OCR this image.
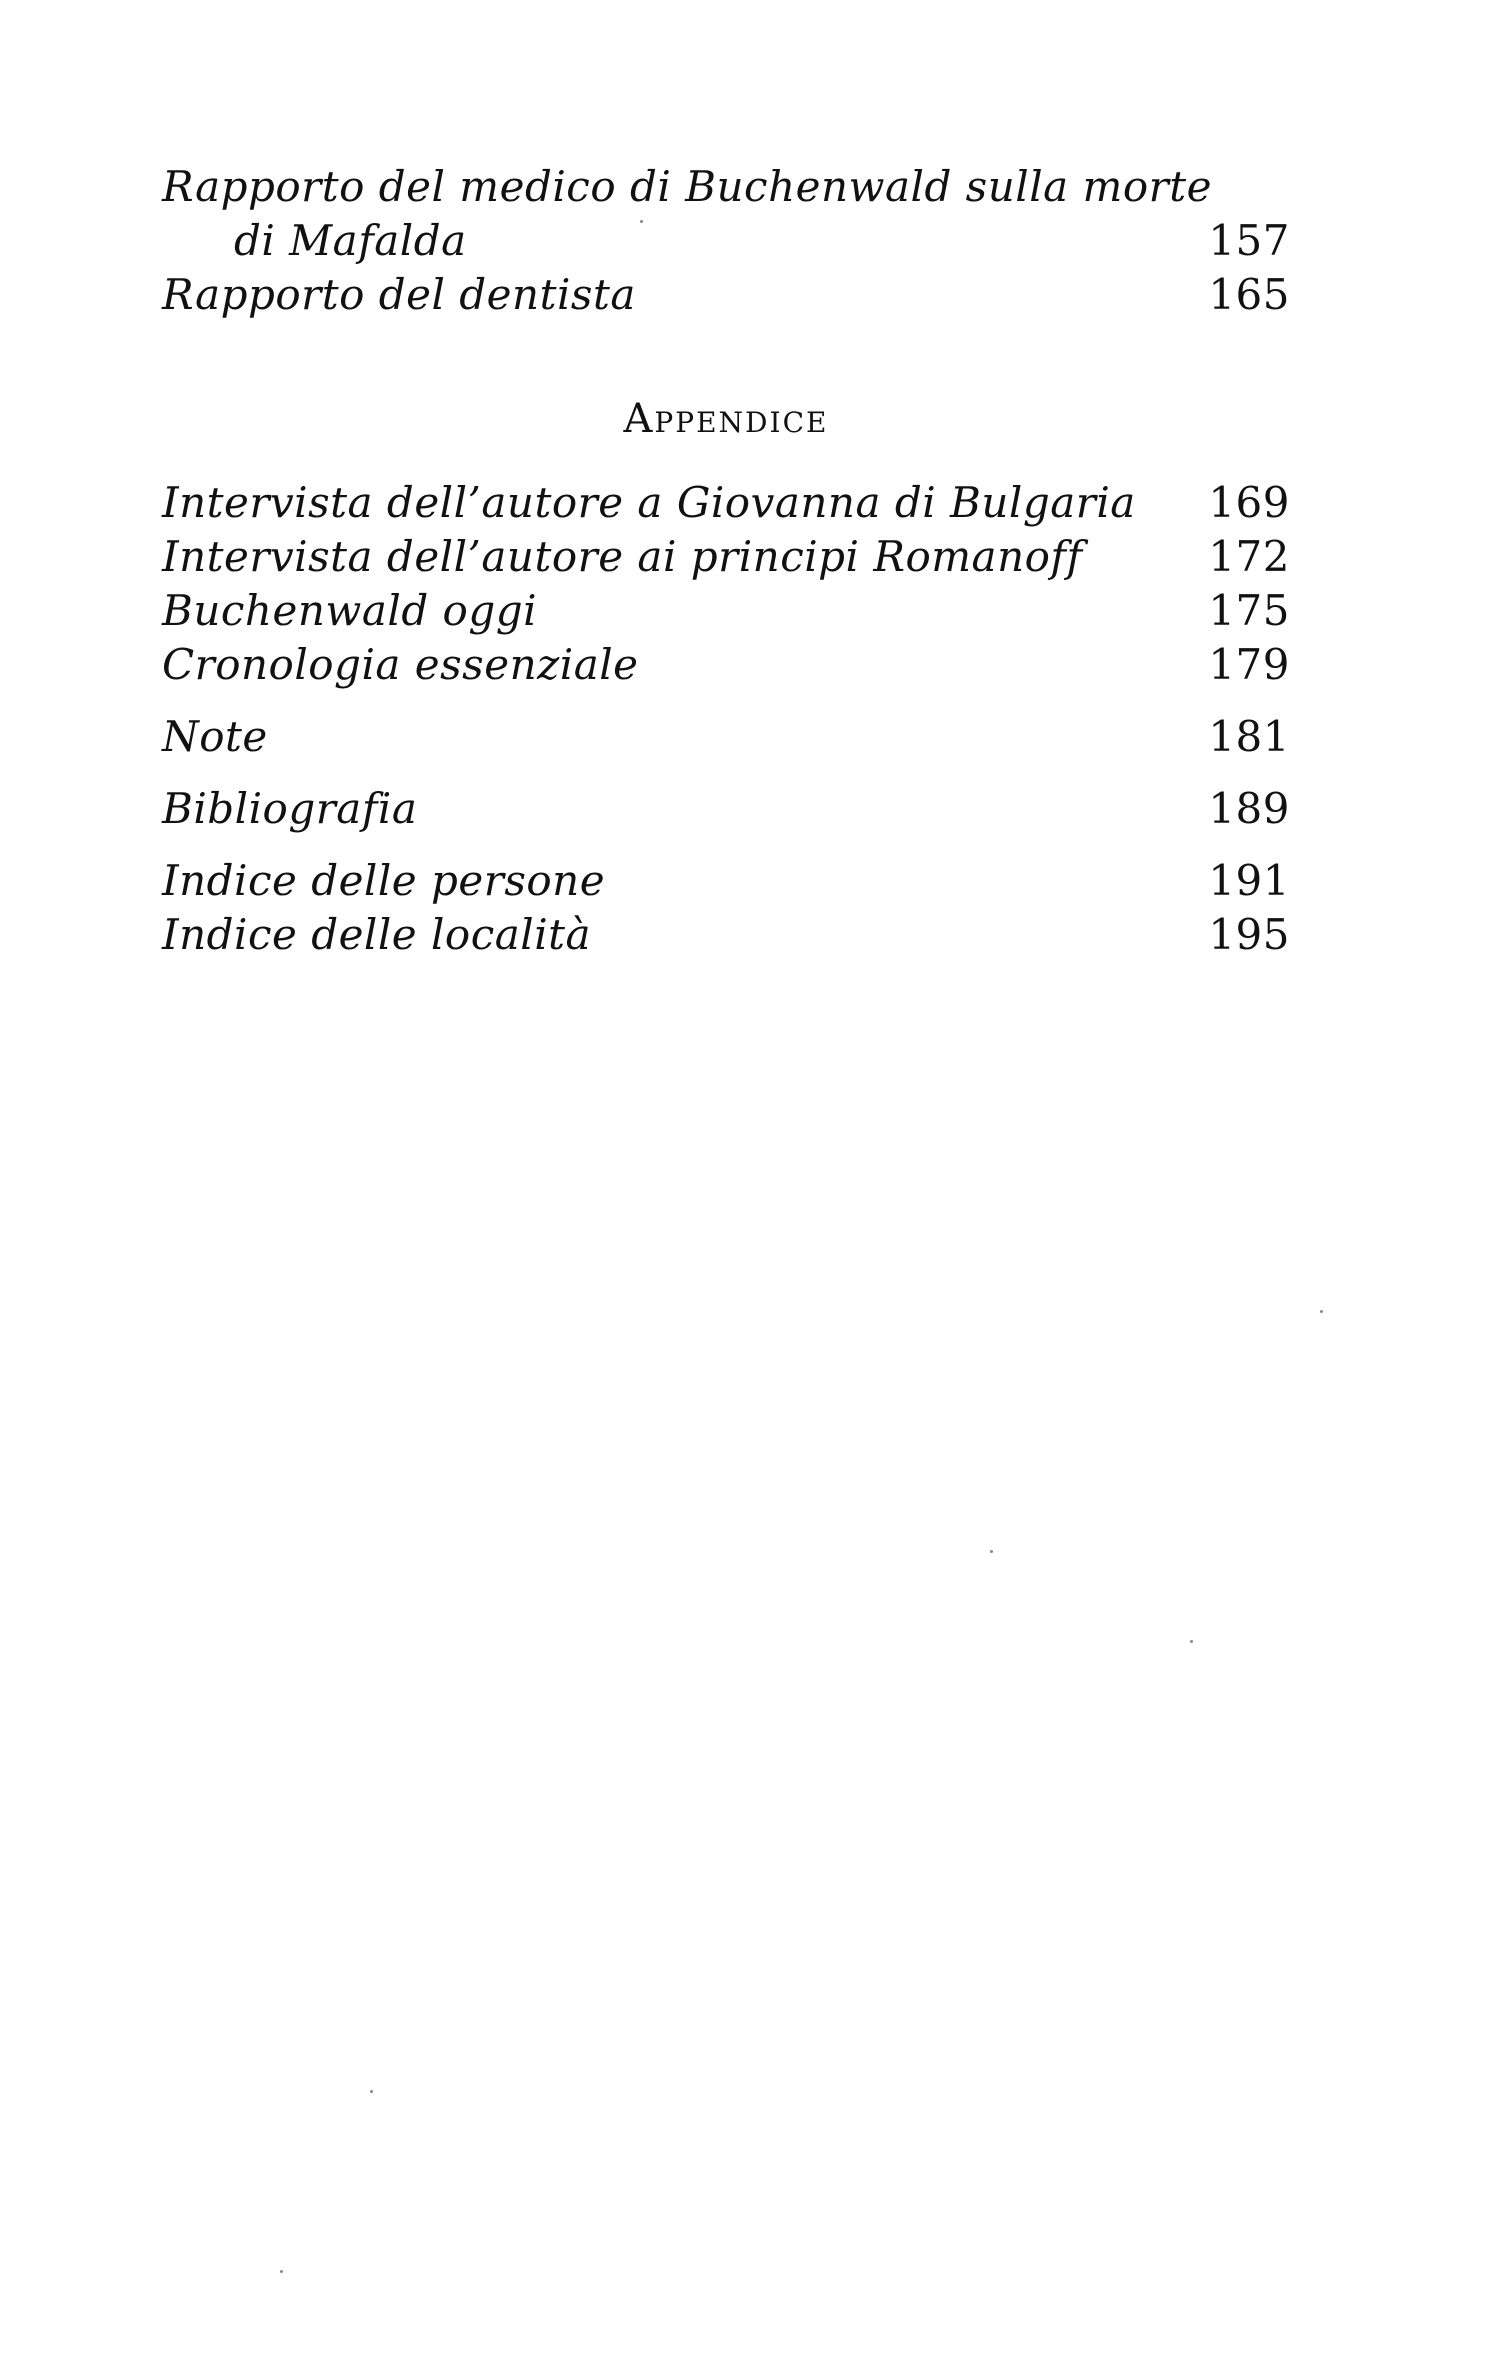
Rapporto del medico di Buchenwald sulla morte
di Mafalda	157
Rapporto del dentista	165
Appendice
Intervista dell’autore a Giovanna di Bulgaria 169
Intervista dell’autore ai principi Romanoff	172
Buchenwald oggi	175
Cronologia essenziale	179
Note	181
Bibliografia	189
Indice delle persone	191
Indice delle località	195
